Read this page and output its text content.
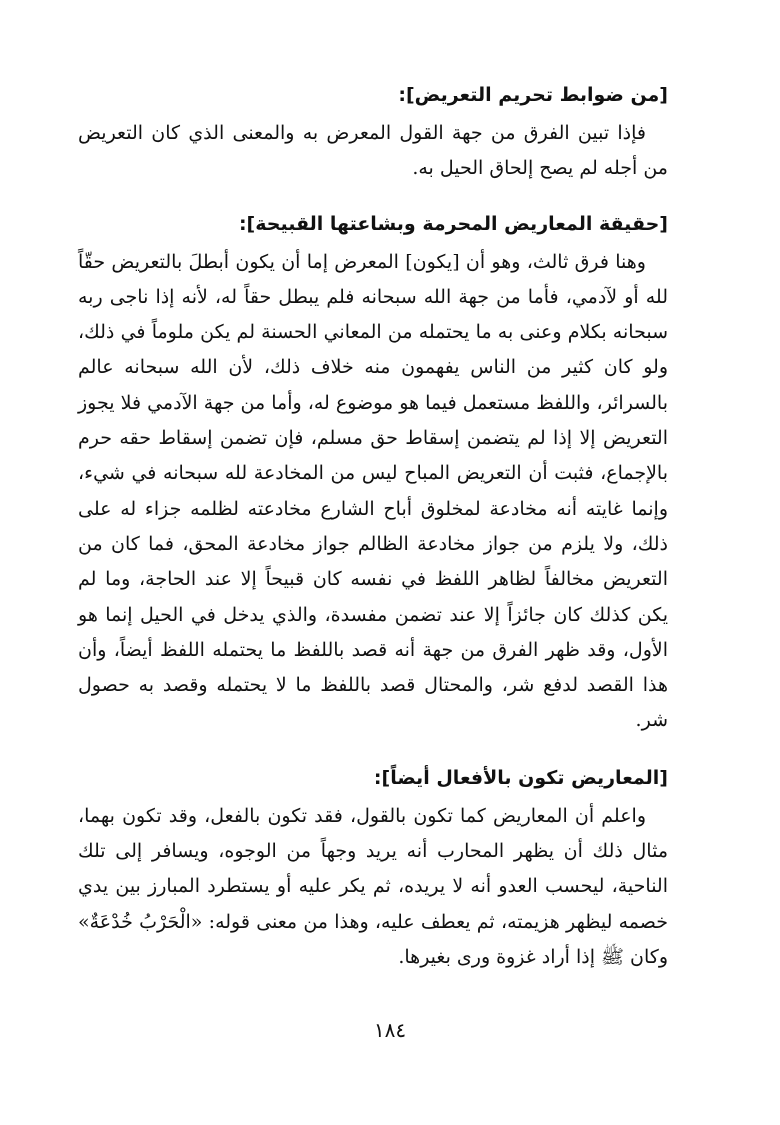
[من ضوابط تحريم التعريض]:

فإذا تبين الفرق من جهة القول المعرض به والمعنى الذي كان التعريض من أجله لم يصح إلحاق الحيل به.

[حقيقة المعاريض المحرمة وبشاعتها القبيحة]:

وهنا فرق ثالث، وهو أن [يكون] المعرض إما أن يكون أبطلَ بالتعريض حقّاً لله أو لآدمي، فأما من جهة الله سبحانه فلم يبطل حقاً له، لأنه إذا ناجى ربه سبحانه بكلام وعنى به ما يحتمله من المعاني الحسنة لم يكن ملوماً في ذلك، ولو كان كثير من الناس يفهمون منه خلاف ذلك، لأن الله سبحانه عالم بالسرائر، واللفظ مستعمل فيما هو موضوع له، وأما من جهة الآدمي فلا يجوز التعريض إلا إذا لم يتضمن إسقاط حق مسلم، فإن تضمن إسقاط حقه حرم بالإجماع، فثبت أن التعريض المباح ليس من المخادعة لله سبحانه في شيء، وإنما غايته أنه مخادعة لمخلوق أباح الشارع مخادعته لظلمه جزاء له على ذلك، ولا يلزم من جواز مخادعة الظالم جواز مخادعة المحق، فما كان من التعريض مخالفاً لظاهر اللفظ في نفسه كان قبيحاً إلا عند الحاجة، وما لم يكن كذلك كان جائزاً إلا عند تضمن مفسدة، والذي يدخل في الحيل إنما هو الأول، وقد ظهر الفرق من جهة أنه قصد باللفظ ما يحتمله اللفظ أيضاً، وأن هذا القصد لدفع شر، والمحتال قصد باللفظ ما لا يحتمله وقصد به حصول شر.

[المعاريض تكون بالأفعال أيضاً]:

واعلم أن المعاريض كما تكون بالقول، فقد تكون بالفعل، وقد تكون بهما، مثال ذلك أن يظهر المحارب أنه يريد وجهاً من الوجوه، ويسافر إلى تلك الناحية، ليحسب العدو أنه لا يريده، ثم يكر عليه أو يستطرد المبارز بين يدي خصمه ليظهر هزيمته، ثم يعطف عليه، وهذا من معنى قوله: «الْحَرْبُ خُدْعَةٌ» وكان ﷺ إذا أراد غزوة ورى بغيرها.

١٨٤
